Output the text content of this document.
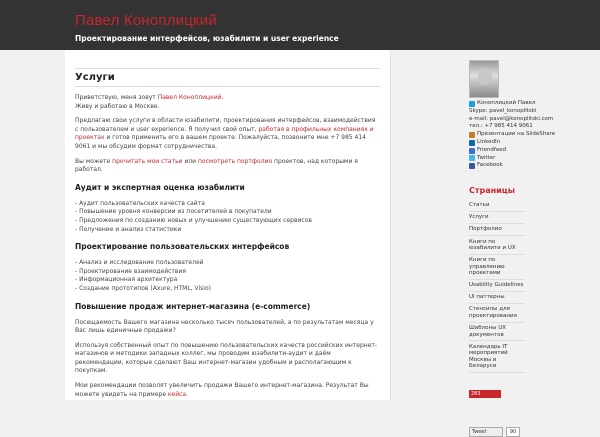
Павел Коноплицкий
Проектирование интерфейсов, юзабилити и user experience
Услуги

Приветствую, меня зовут Павел Коноплицкий.
Живу и работаю в Москве.

Предлагаю свои услуги в области юзабилити, проектирования интерфейсов, взаимодействия с пользователем и user experience. Я получил свой опыт, работая в профильных компаниях и проектах и готов применить его в вашем проекте. Пожалуйста, позвоните мне +7 985 414 9061 и мы обсудим формат сотрудничества.

Вы можете прочитать мои статьи или посмотреть портфолио проектов, над которыми я работал.

Аудит и экспертная оценка юзабилити
- Аудит пользовательских качеств сайта
- Повышение уровня конверсии из посетителей в покупатели
- Предложения по созданию новых и улучшению существующих сервисов
- Получение и анализ статистики
Проектирование пользовательских интерфейсов
- Анализ и исследование пользователей
- Проектирование взаимодействия
- Информационная архитектура
- Создание прототипов (Axure, HTML, Visio)
Повышение продаж интернет-магазина (e-commerce)

Посещаемость Вашего магазина несколько тысяч пользователей, а по результатам месяца у Вас лишь единичные продажи?

Используя собственный опыт по повышению пользовательских качеств российских интернет-магазинов и методики западных коллег, мы проводим юзабилити-аудит и даём рекомендации, которые сделают Ваш интернет-магазин удобным и располагающим к покупкам.

Мои рекомендации позволят увеличить продажи Вашего интернет-магазина. Результат Вы можете увидеть на примере кейса.

Коноплицкий Павел
Skype: pavel_konoplitski
e-mail: pavel@konoplitski.com
тел.: +7 985 414 9061
Презентации на SlideShare
LinkedIn
Friendfeed
Twitter
Facebook
Страницы
Статьи
Услуги
Портфолио
Книги по юзабилити и UX
Книги по управлению проектами
Usability Guidelines
UI паттерны
Стенсилы для проектирования
Шаблоны UX документов
Календарь IT мероприятий Москвы и Беларуси
283
Tweet	90
